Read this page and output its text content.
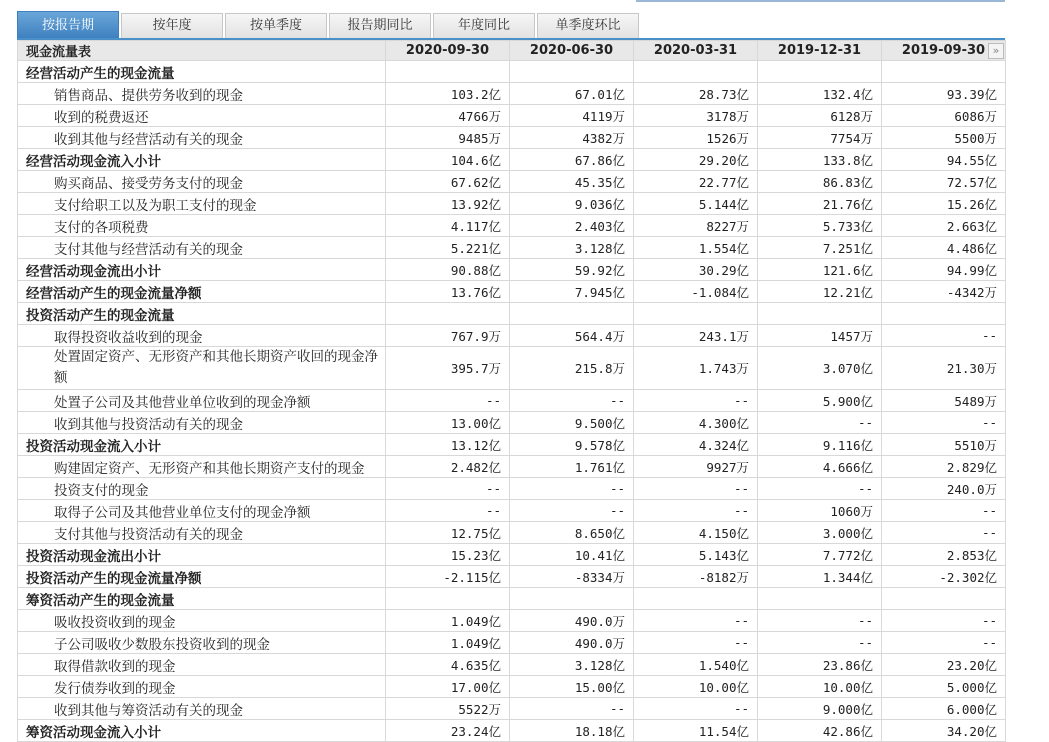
按报告期	按年度	按单季度	报告期同比	年度同比	单季度环比
现金流量表	2020-09-30	2020-06-30	2020-03-31	2019-12-31	2019-09-30
经营活动产生的现金流量					
销售商品、提供劳务收到的现金	103.2亿	67.01亿	28.73亿	132.4亿	93.39亿
收到的税费返还	4766万	4119万	3178万	6128万	6086万
收到其他与经营活动有关的现金	9485万	4382万	1526万	7754万	5500万
经营活动现金流入小计	104.6亿	67.86亿	29.20亿	133.8亿	94.55亿
购买商品、接受劳务支付的现金	67.62亿	45.35亿	22.77亿	86.83亿	72.57亿
支付给职工以及为职工支付的现金	13.92亿	9.036亿	5.144亿	21.76亿	15.26亿
支付的各项税费	4.117亿	2.403亿	8227万	5.733亿	2.663亿
支付其他与经营活动有关的现金	5.221亿	3.128亿	1.554亿	7.251亿	4.486亿
经营活动现金流出小计	90.88亿	59.92亿	30.29亿	121.6亿	94.99亿
经营活动产生的现金流量净额	13.76亿	7.945亿	-1.084亿	12.21亿	-4342万
投资活动产生的现金流量					
取得投资收益收到的现金	767.9万	564.4万	243.1万	1457万	--
处置固定资产、无形资产和其他长期资产收回的现金净额	395.7万	215.8万	1.743万	3.070亿	21.30万
处置子公司及其他营业单位收到的现金净额	--	--	--	5.900亿	5489万
收到其他与投资活动有关的现金	13.00亿	9.500亿	4.300亿	--	--
投资活动现金流入小计	13.12亿	9.578亿	4.324亿	9.116亿	5510万
购建固定资产、无形资产和其他长期资产支付的现金	2.482亿	1.761亿	9927万	4.666亿	2.829亿
投资支付的现金	--	--	--	--	240.0万
取得子公司及其他营业单位支付的现金净额	--	--	--	1060万	--
支付其他与投资活动有关的现金	12.75亿	8.650亿	4.150亿	3.000亿	--
投资活动现金流出小计	15.23亿	10.41亿	5.143亿	7.772亿	2.853亿
投资活动产生的现金流量净额	-2.115亿	-8334万	-8182万	1.344亿	-2.302亿
筹资活动产生的现金流量					
吸收投资收到的现金	1.049亿	490.0万	--	--	--
子公司吸收少数股东投资收到的现金	1.049亿	490.0万	--	--	--
取得借款收到的现金	4.635亿	3.128亿	1.540亿	23.86亿	23.20亿
发行债券收到的现金	17.00亿	15.00亿	10.00亿	10.00亿	5.000亿
收到其他与筹资活动有关的现金	5522万	--	--	9.000亿	6.000亿
筹资活动现金流入小计	23.24亿	18.18亿	11.54亿	42.86亿	34.20亿
»
